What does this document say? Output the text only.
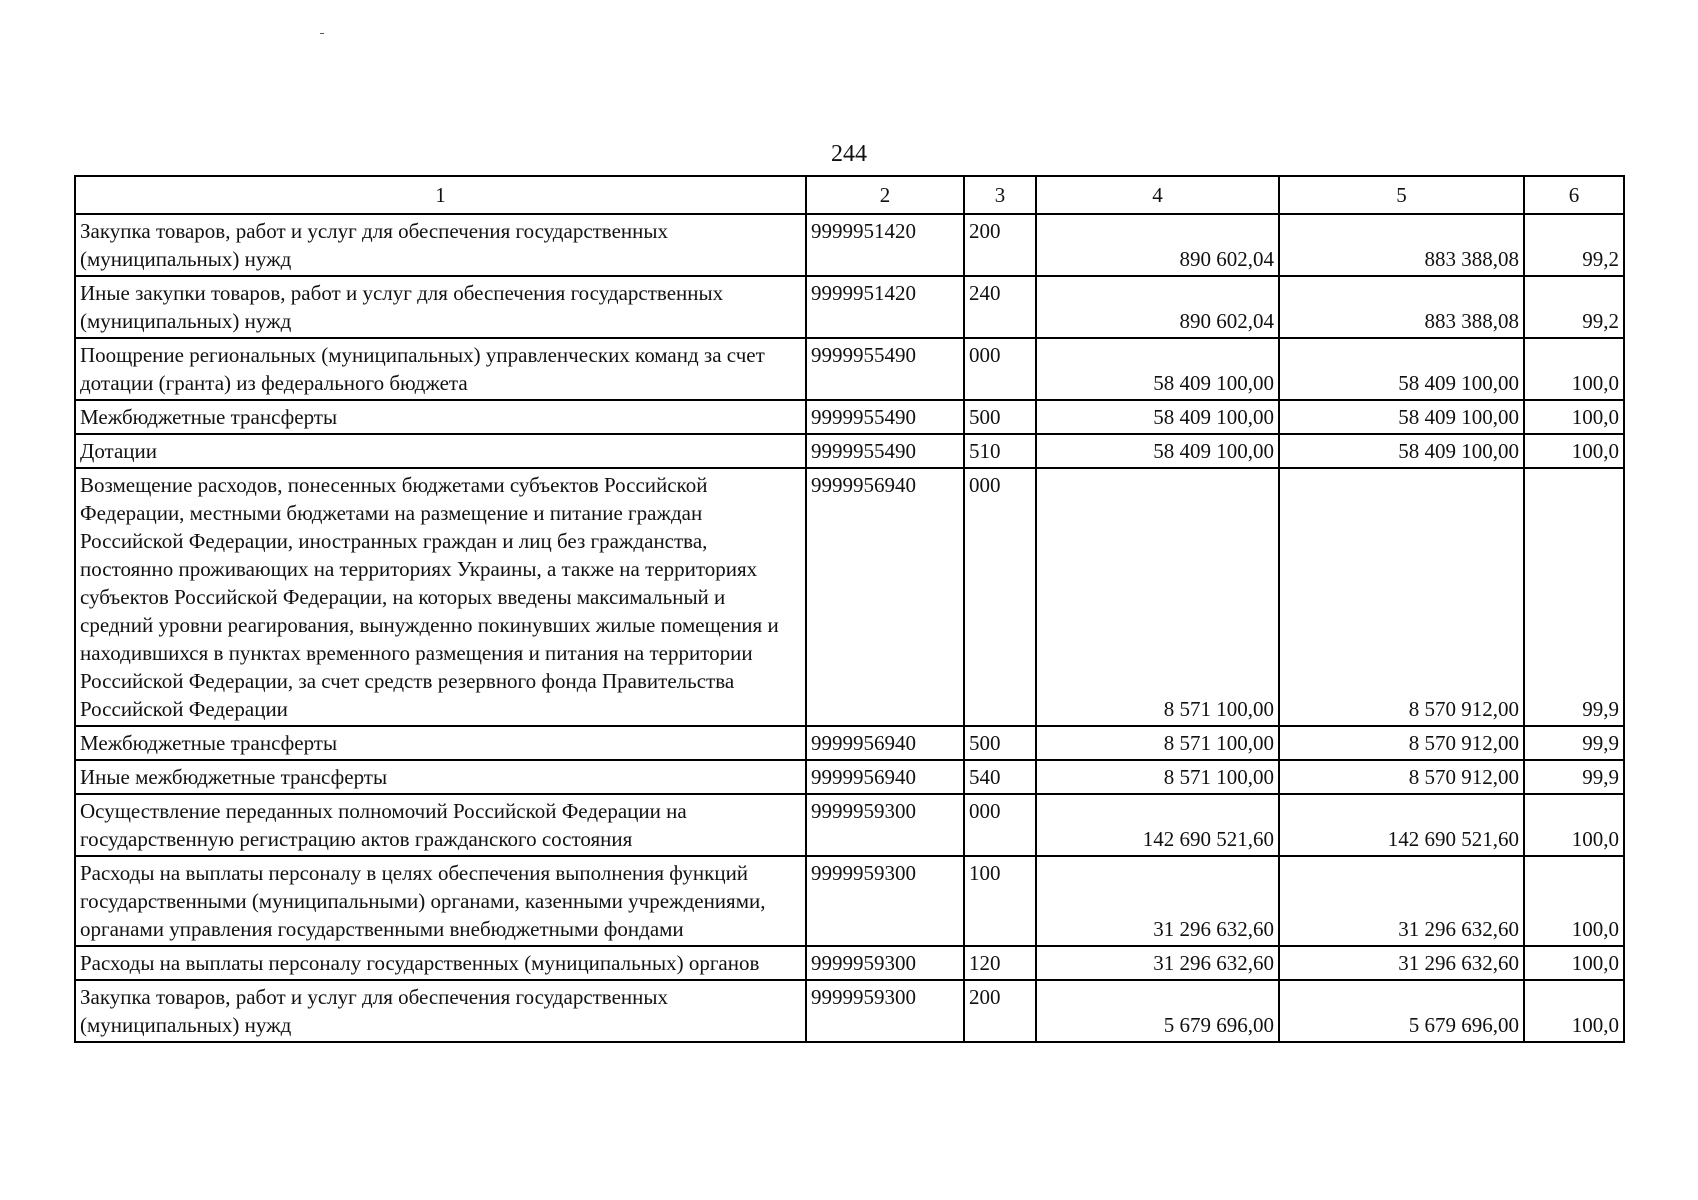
244
1	2	3	4	5	6
Закупка товаров, работ и услуг для обеспечения государственных (муниципальных) нужд	9999951420	200	890 602,04	883 388,08	99,2
Иные закупки товаров, работ и услуг для обеспечения государственных (муниципальных) нужд	9999951420	240	890 602,04	883 388,08	99,2
Поощрение региональных (муниципальных) управленческих команд за счет дотации (гранта) из федерального бюджета	9999955490	000	58 409 100,00	58 409 100,00	100,0
Межбюджетные трансферты	9999955490	500	58 409 100,00	58 409 100,00	100,0
Дотации	9999955490	510	58 409 100,00	58 409 100,00	100,0
Возмещение расходов, понесенных бюджетами субъектов Российской Федерации, местными бюджетами на размещение и питание граждан Российской Федерации, иностранных граждан и лиц без гражданства, постоянно проживающих на территориях Украины, а также на территориях субъектов Российской Федерации, на которых введены максимальный и средний уровни реагирования, вынужденно покинувших жилые помещения и находившихся в пунктах временного размещения и питания на территории Российской Федерации, за счет средств резервного фонда Правительства Российской Федерации	9999956940	000	8 571 100,00	8 570 912,00	99,9
Межбюджетные трансферты	9999956940	500	8 571 100,00	8 570 912,00	99,9
Иные межбюджетные трансферты	9999956940	540	8 571 100,00	8 570 912,00	99,9
Осуществление переданных полномочий Российской Федерации на государственную регистрацию актов гражданского состояния	9999959300	000	142 690 521,60	142 690 521,60	100,0
Расходы на выплаты персоналу в целях обеспечения выполнения функций государственными (муниципальными) органами, казенными учреждениями, органами управления государственными внебюджетными фондами	9999959300	100	31 296 632,60	31 296 632,60	100,0
Расходы на выплаты персоналу государственных (муниципальных) органов	9999959300	120	31 296 632,60	31 296 632,60	100,0
Закупка товаров, работ и услуг для обеспечения государственных (муниципальных) нужд	9999959300	200	5 679 696,00	5 679 696,00	100,0
